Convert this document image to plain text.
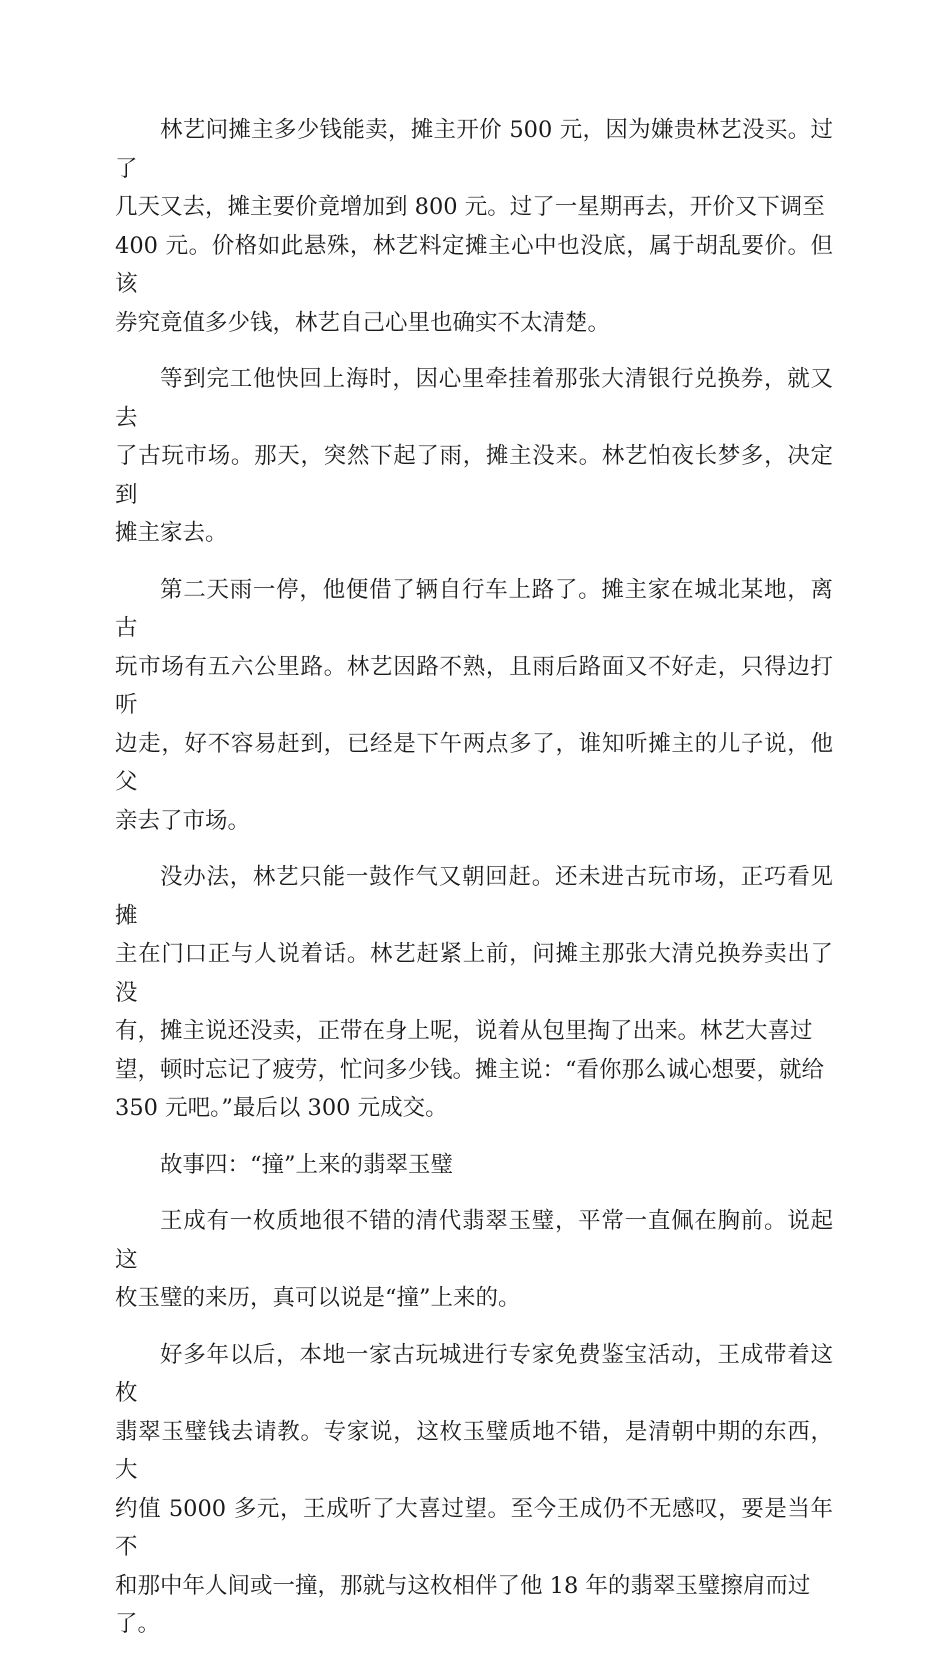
林艺问摊主多少钱能卖，摊主开价 500 元，因为嫌贵林艺没买。过了
几天又去，摊主要价竟增加到 800 元。过了一星期再去，开价又下调至
400 元。价格如此悬殊，林艺料定摊主心中也没底，属于胡乱要价。但该
券究竟值多少钱，林艺自己心里也确实不太清楚。

等到完工他快回上海时，因心里牵挂着那张大清银行兑换券，就又去
了古玩市场。那天，突然下起了雨，摊主没来。林艺怕夜长梦多，决定到
摊主家去。

第二天雨一停，他便借了辆自行车上路了。摊主家在城北某地，离古
玩市场有五六公里路。林艺因路不熟，且雨后路面又不好走，只得边打听
边走，好不容易赶到，已经是下午两点多了，谁知听摊主的儿子说，他父
亲去了市场。

没办法，林艺只能一鼓作气又朝回赶。还未进古玩市场，正巧看见摊
主在门口正与人说着话。林艺赶紧上前，问摊主那张大清兑换券卖出了没
有，摊主说还没卖，正带在身上呢，说着从包里掏了出来。林艺大喜过
望，顿时忘记了疲劳，忙问多少钱。摊主说：“看你那么诚心想要，就给
350 元吧。”最后以 300 元成交。

故事四：“撞”上来的翡翠玉璧

王成有一枚质地很不错的清代翡翠玉璧，平常一直佩在胸前。说起这
枚玉璧的来历，真可以说是“撞”上来的。

好多年以后，本地一家古玩城进行专家免费鉴宝活动，王成带着这枚
翡翠玉璧钱去请教。专家说，这枚玉璧质地不错，是清朝中期的东西，大
约值 5000 多元，王成听了大喜过望。至今王成仍不无感叹，要是当年不
和那中年人间或一撞，那就与这枚相伴了他 18 年的翡翠玉璧擦肩而过
了。
